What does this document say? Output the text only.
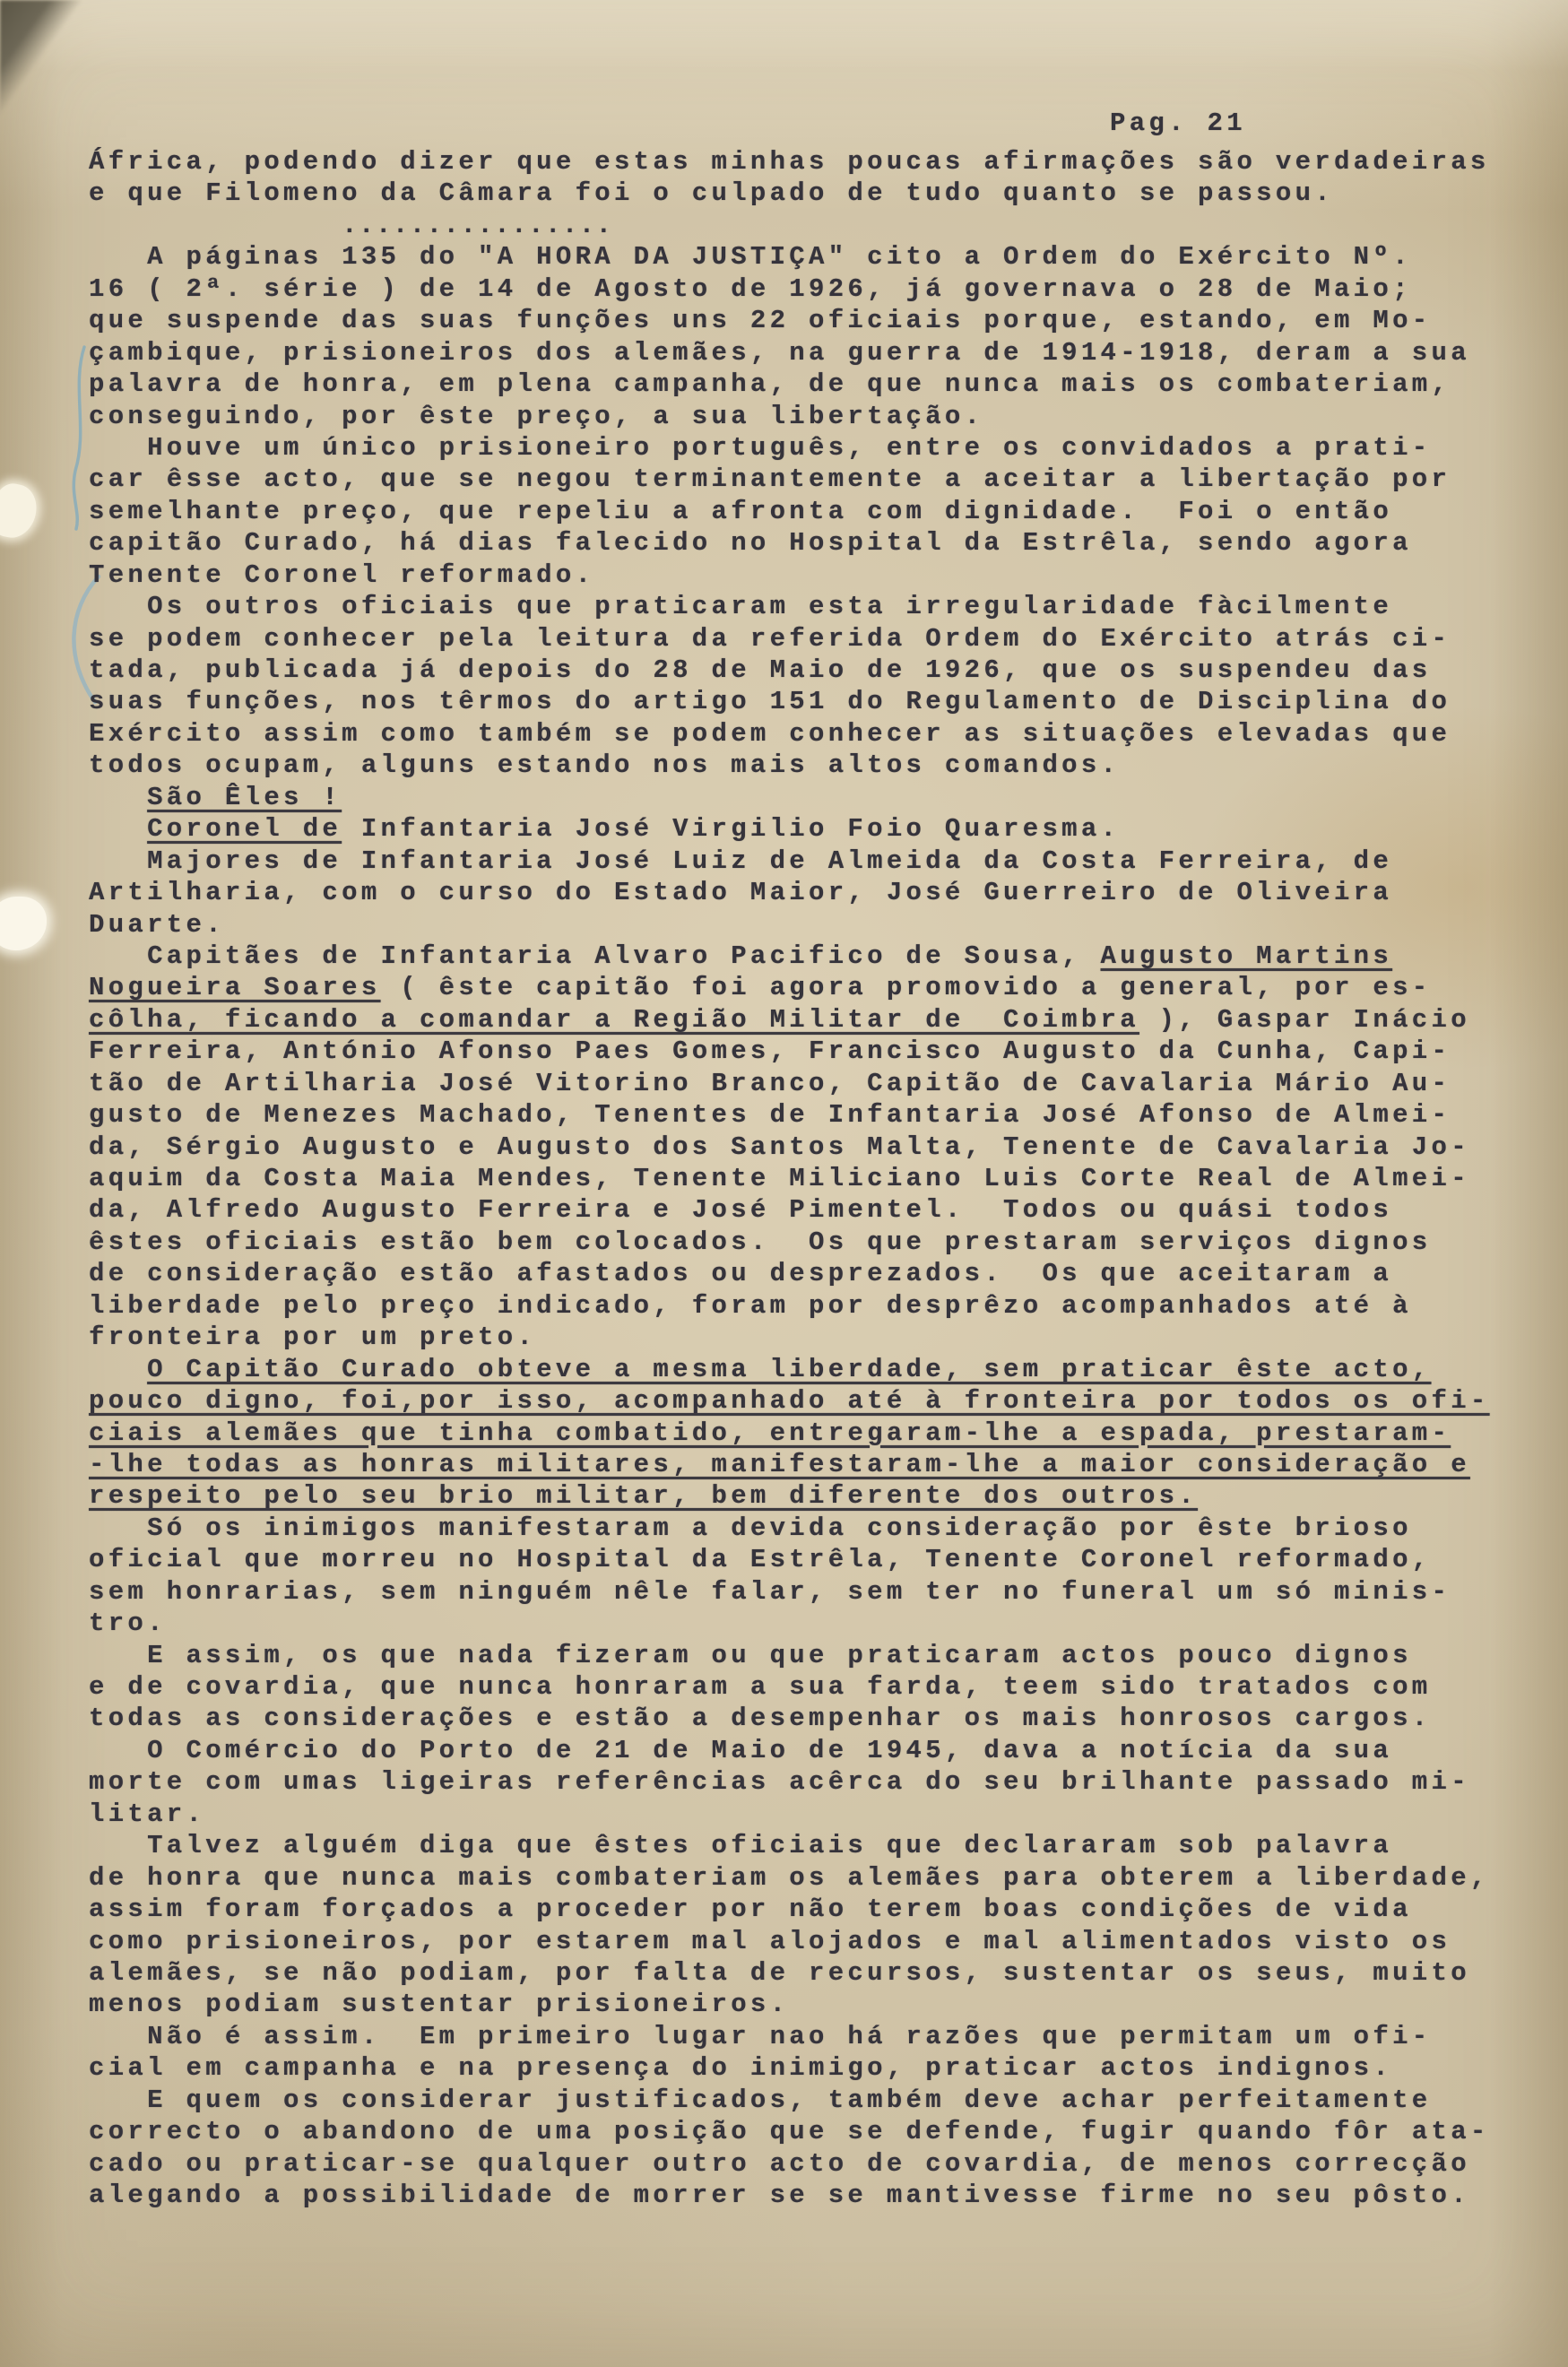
Pag. 21
África, podendo dizer que estas minhas poucas afirmações são verdadeiras
e que Filomeno da Câmara foi o culpado de tudo quanto se passou.
................
A páginas 135 do "A HORA DA JUSTIÇA" cito a Ordem do Exército Nº.
16 ( 2ª. série ) de 14 de Agosto de 1926, já governava o 28 de Maio;
que suspende das suas funções uns 22 oficiais porque, estando, em Mo-
çambique, prisioneiros dos alemães, na guerra de 1914-1918, deram a sua
palavra de honra, em plena campanha, de que nunca mais os combateriam,
conseguindo, por êste preço, a sua libertação.
Houve um único prisioneiro português, entre os convidados a prati-
car êsse acto, que se negou terminantemente a aceitar a libertação por
semelhante preço, que repeliu a afronta com dignidade.  Foi o então
capitão Curado, há dias falecido no Hospital da Estrêla, sendo agora
Tenente Coronel reformado.
Os outros oficiais que praticaram esta irregularidade fàcilmente
se podem conhecer pela leitura da referida Ordem do Exército atrás ci-
tada, publicada já depois do 28 de Maio de 1926, que os suspendeu das
suas funções, nos têrmos do artigo 151 do Regulamento de Disciplina do
Exército assim como também se podem conhecer as situações elevadas que
todos ocupam, alguns estando nos mais altos comandos.
São Êles !
Coronel de Infantaria José Virgilio Foio Quaresma.
Majores de Infantaria José Luiz de Almeida da Costa Ferreira, de
Artilharia, com o curso do Estado Maior, José Guerreiro de Oliveira
Duarte.
Capitães de Infantaria Alvaro Pacifico de Sousa, Augusto Martins
Nogueira Soares ( êste capitão foi agora promovido a general, por es-
côlha, ficando a comandar a Região Militar de  Coimbra ), Gaspar Inácio
Ferreira, António Afonso Paes Gomes, Francisco Augusto da Cunha, Capi-
tão de Artilharia José Vitorino Branco, Capitão de Cavalaria Mário Au-
gusto de Menezes Machado, Tenentes de Infantaria José Afonso de Almei-
da, Sérgio Augusto e Augusto dos Santos Malta, Tenente de Cavalaria Jo-
aquim da Costa Maia Mendes, Tenente Miliciano Luis Corte Real de Almei-
da, Alfredo Augusto Ferreira e José Pimentel.  Todos ou quási todos
êstes oficiais estão bem colocados.  Os que prestaram serviços dignos
de consideração estão afastados ou desprezados.  Os que aceitaram a
liberdade pelo preço indicado, foram por desprêzo acompanhados até à
fronteira por um preto.
O Capitão Curado obteve a mesma liberdade, sem praticar êste acto,
pouco digno, foi,por isso, acompanhado até à fronteira por todos os ofi-
ciais alemães que tinha combatido, entregaram-lhe a espada, prestaram-
-lhe todas as honras militares, manifestaram-lhe a maior consideração e
respeito pelo seu brio militar, bem diferente dos outros.
Só os inimigos manifestaram a devida consideração por êste brioso
oficial que morreu no Hospital da Estrêla, Tenente Coronel reformado,
sem honrarias, sem ninguém nêle falar, sem ter no funeral um só minis-
tro.
E assim, os que nada fizeram ou que praticaram actos pouco dignos
e de covardia, que nunca honraram a sua farda, teem sido tratados com
todas as considerações e estão a desempenhar os mais honrosos cargos.
O Comércio do Porto de 21 de Maio de 1945, dava a notícia da sua
morte com umas ligeiras referências acêrca do seu brilhante passado mi-
litar.
Talvez alguém diga que êstes oficiais que declararam sob palavra
de honra que nunca mais combateriam os alemães para obterem a liberdade,
assim foram forçados a proceder por não terem boas condições de vida
como prisioneiros, por estarem mal alojados e mal alimentados visto os
alemães, se não podiam, por falta de recursos, sustentar os seus, muito
menos podiam sustentar prisioneiros.
Não é assim.  Em primeiro lugar nao há razões que permitam um ofi-
cial em campanha e na presença do inimigo, praticar actos indignos.
E quem os considerar justificados, também deve achar perfeitamente
correcto o abandono de uma posição que se defende, fugir quando fôr ata-
cado ou praticar-se qualquer outro acto de covardia, de menos correcção
alegando a possibilidade de morrer se se mantivesse firme no seu pôsto.
